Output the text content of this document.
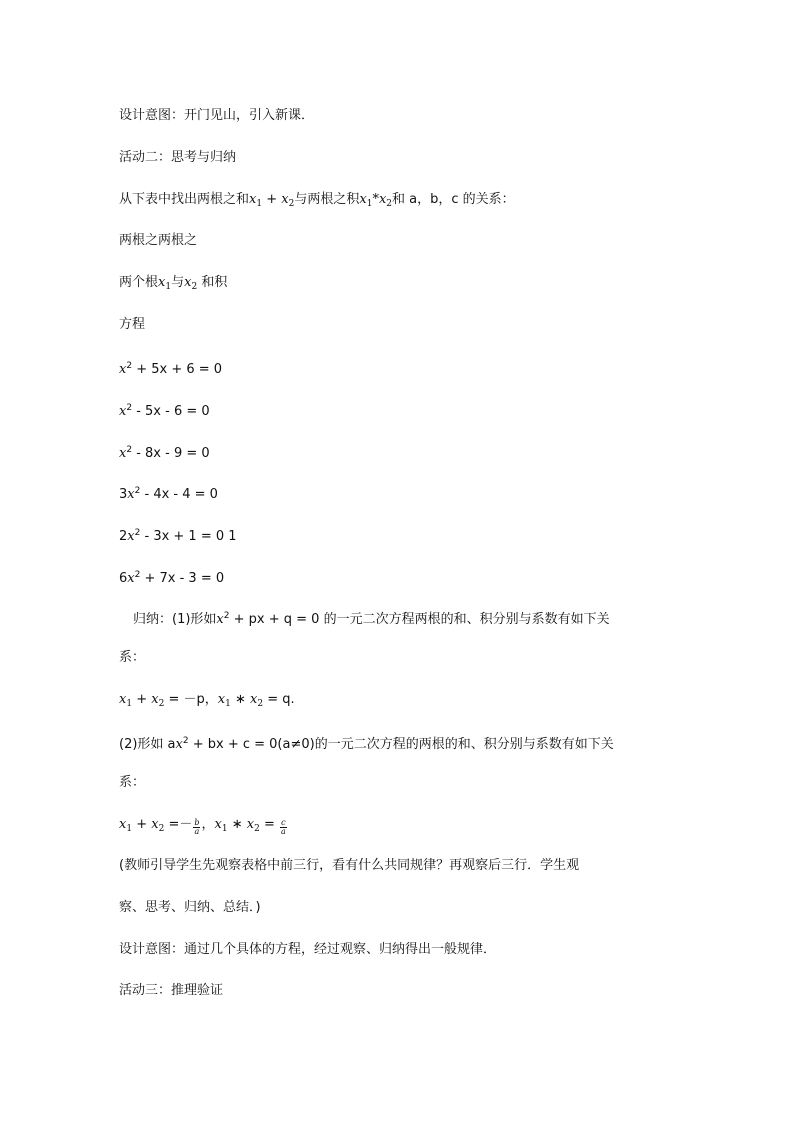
设计意图：开门见山，引入新课．
活动二：思考与归纳
从下表中找出两根之和$x_1 + x_2$与两根之积$x_1*x_2$和 a，b，c 的关系：
两根之两根之
两个根$x_1$与$x_2$ 和积
方程
$x^2 + 5x + 6 = 0$
$x^2 - 5x - 6 = 0$
$x^2 - 8x - 9 = 0$
$3x^2 - 4x - 4 = 0$
$2x^2 - 3x + 1 = 0$ 1
$6x^2 + 7x - 3 = 0$
归纳：(1)形如$x^2$ + px + q = 0 的一元二次方程两根的和、积分别与系数有如下关
系：
$x_1 + x_2 = -p$，$x_1$ ∗ $x_2 = q$.
(2)形如 $ax^2$ + bx + c = 0(a≠0)的一元二次方程的两根的和、积分别与系数有如下关
系：
$x_1 + x_2 =- \frac{b}{a}$ ，$x_1$ ∗ $x_2 = \frac{c}{a}$
(教师引导学生先观察表格中前三行，看有什么共同规律？再观察后三行．学生观
察、思考、归纳、总结．)
设计意图：通过几个具体的方程，经过观察、归纳得出一般规律．
活动三：推理验证
